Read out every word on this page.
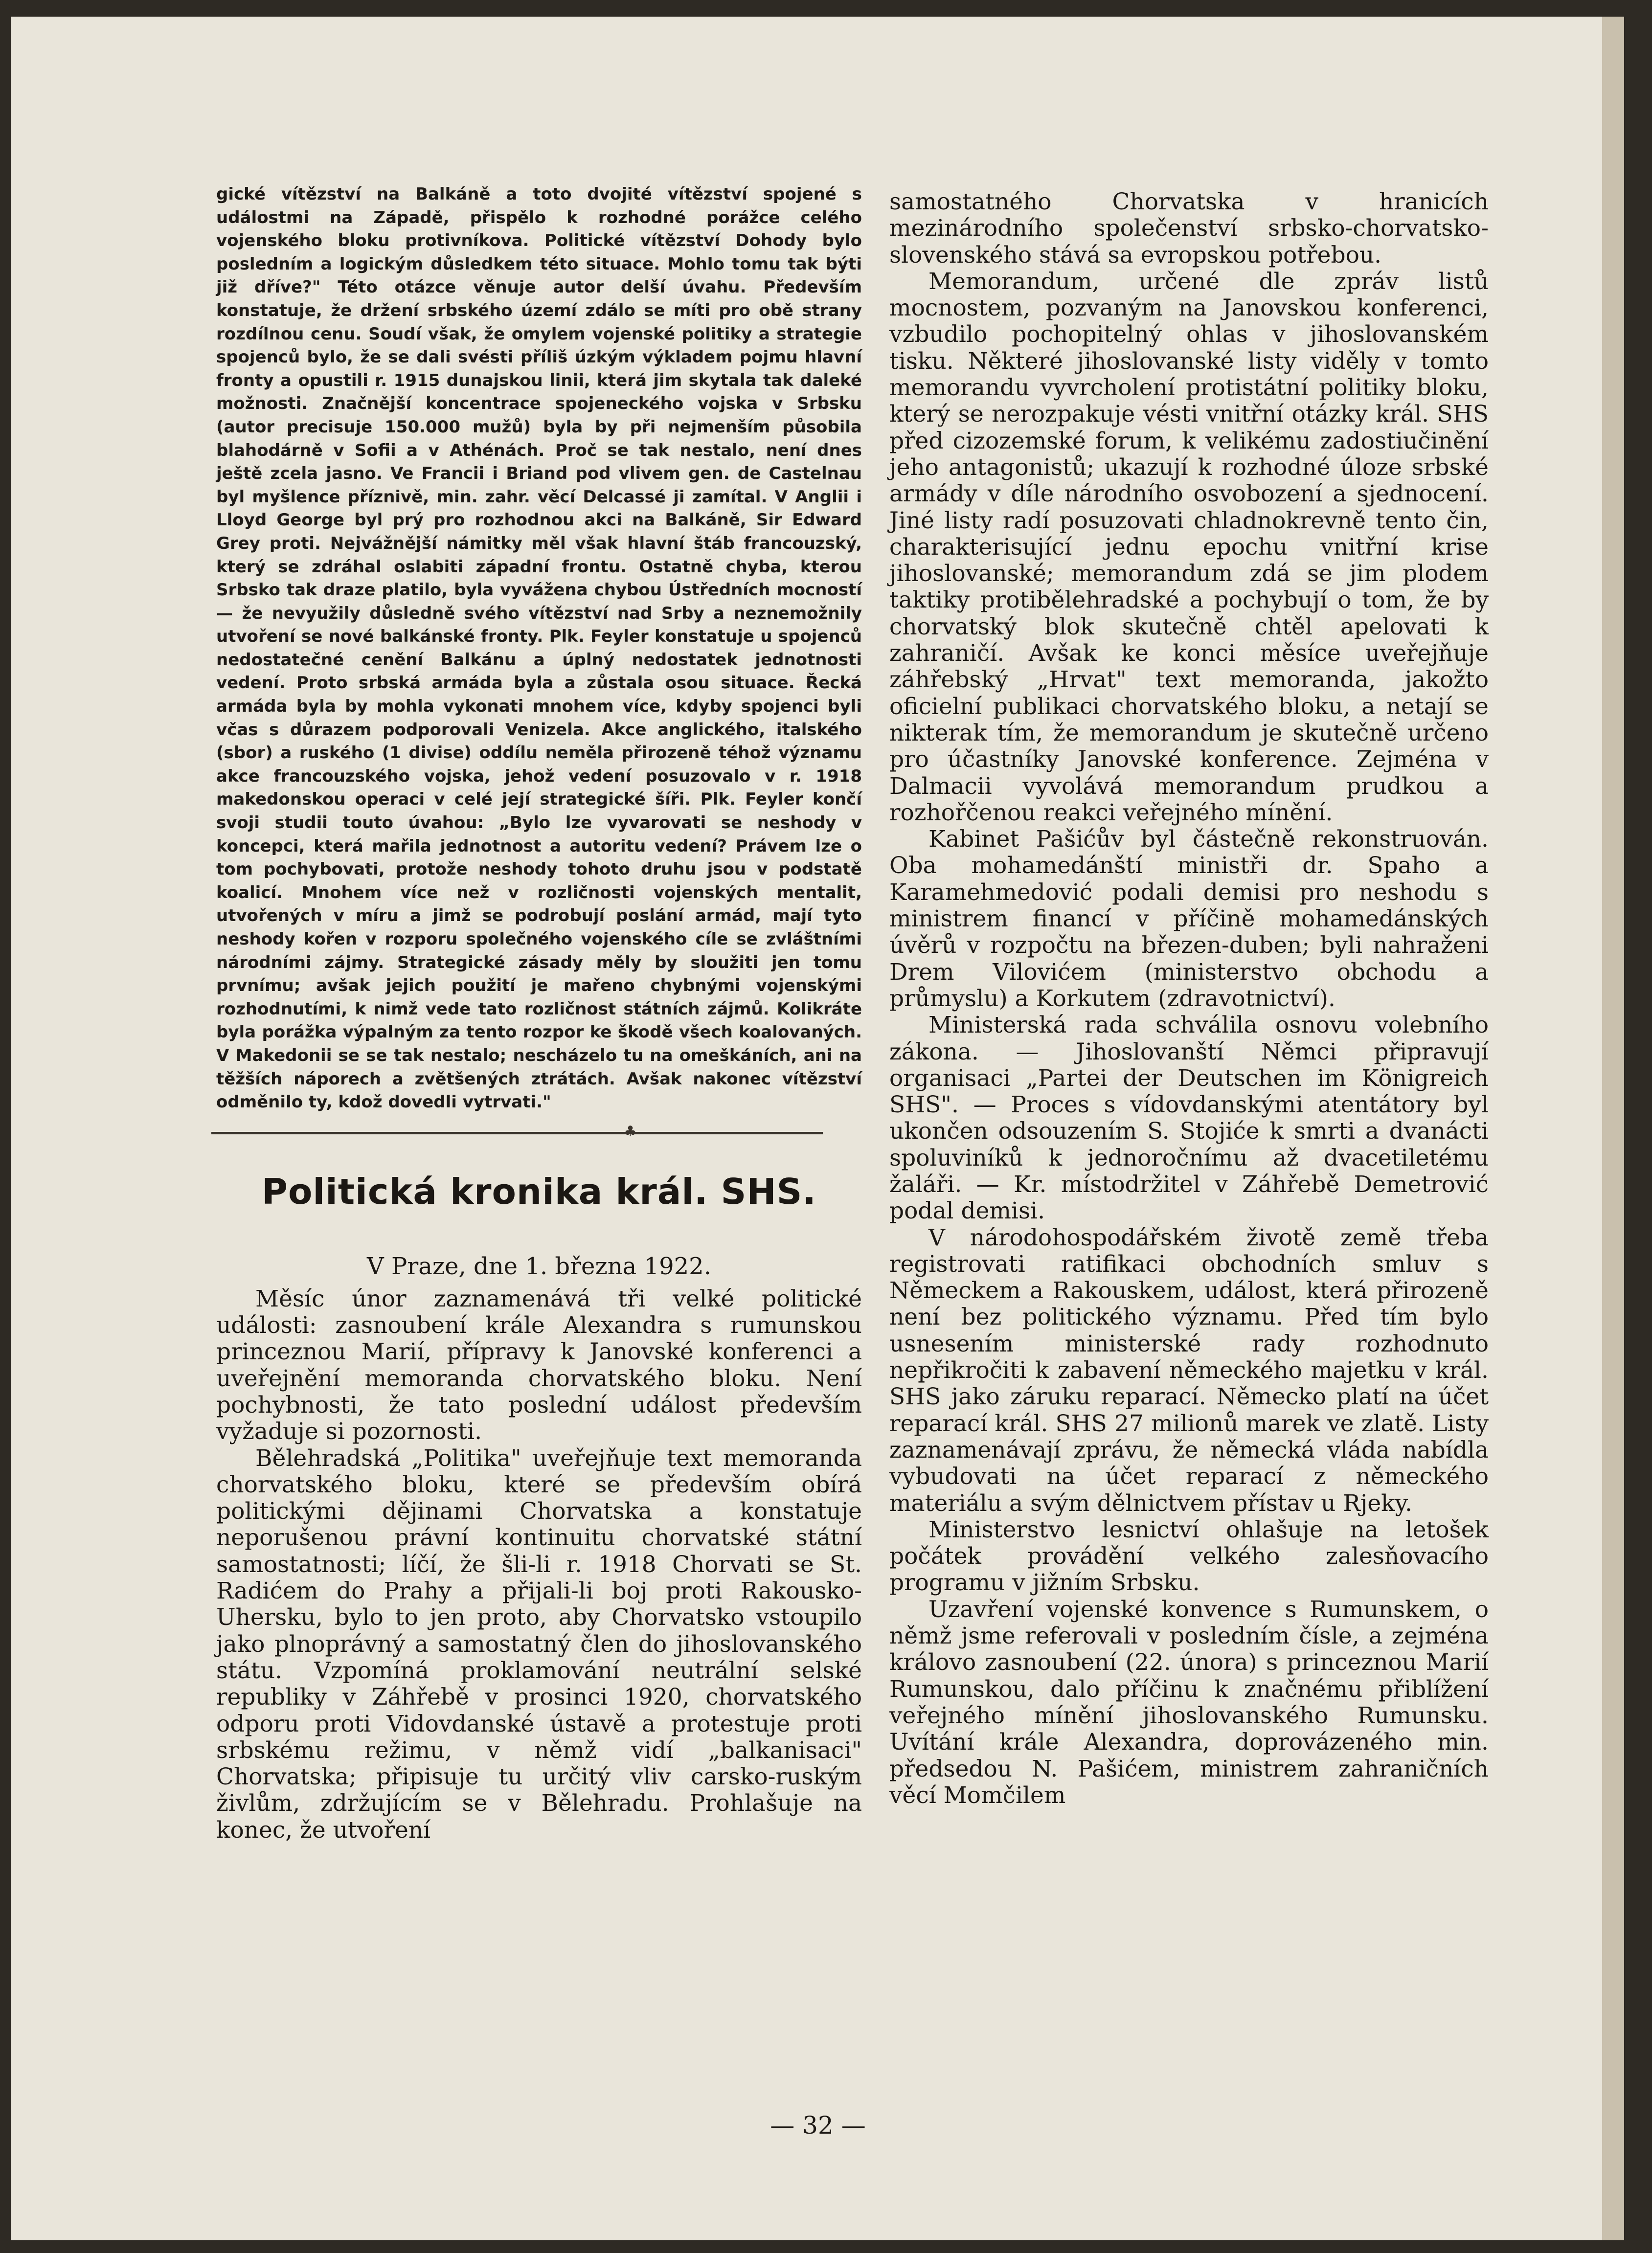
gické vítězství na Balkáně a toto dvojité vítězství spojené s událostmi na Západě, přispělo k rozhodné porážce celého vojenského bloku protivníkova. Politické vítězství Dohody bylo posledním a logickým důsledkem této situace. Mohlo tomu tak býti již dříve?" Této otázce věnuje autor delší úvahu. Především konstatuje, že držení srbského území zdálo se míti pro obě strany rozdílnou cenu. Soudí však, že omylem vojenské politiky a strategie spojenců bylo, že se dali svésti příliš úzkým výkladem pojmu hlavní fronty a opustili r. 1915 dunajskou linii, která jim skytala tak daleké možnosti. Značnější koncentrace spojeneckého vojska v Srbsku (autor precisuje 150.000 mužů) byla by při nejmenším působila blahodárně v Sofii a v Athénách. Proč se tak nestalo, není dnes ještě zcela jasno. Ve Francii i Briand pod vlivem gen. de Castelnau byl myšlence příznivě, min. zahr. věcí Delcassé ji zamítal. V Anglii i Lloyd George byl prý pro rozhodnou akci na Balkáně, Sir Edward Grey proti. Nejvážnější námitky měl však hlavní štáb francouzský, který se zdráhal oslabiti západní frontu. Ostatně chyba, kterou Srbsko tak draze platilo, byla vyvážena chybou Ústředních mocností — že nevyužily důsledně svého vítězství nad Srby a neznemožnily utvoření se nové balkánské fronty. Plk. Feyler konstatuje u spojenců nedostatečné cenění Balkánu a úplný nedostatek jednotnosti vedení. Proto srbská armáda byla a zůstala osou situace. Řecká armáda byla by mohla vykonati mnohem více, kdyby spojenci byli včas s důrazem podporovali Venizela. Akce anglického, italského (sbor) a ruského (1 divise) oddílu neměla přirozeně téhož významu akce francouzského vojska, jehož vedení posuzovalo v r. 1918 makedonskou operaci v celé její strategické šíři. Plk. Feyler končí svoji studii touto úvahou: „Bylo lze vyvarovati se neshody v koncepci, která mařila jednotnost a autoritu vedení? Právem lze o tom pochybovati, protože neshody tohoto druhu jsou v podstatě koalicí. Mnohem více než v rozličnosti vojenských mentalit, utvořených v míru a jimž se podrobují poslání armád, mají tyto neshody kořen v rozporu společného vojenského cíle se zvláštními národními zájmy. Strategické zásady měly by sloužiti jen tomu prvnímu; avšak jejich použití je mařeno chybnými vojenskými rozhodnutími, k nimž vede tato rozličnost státních zájmů. Kolikráte byla porážka výpalným za tento rozpor ke škodě všech koalovaných. V Makedonii se se tak nestalo; nescházelo tu na omeškáních, ani na těžších náporech a zvětšených ztrátách. Avšak nakonec vítězství odměnilo ty, kdož dovedli vytrvati."

♣
Politická kronika král. SHS.
V Praze, dne 1. března 1922.

Měsíc únor zaznamenává tři velké politické události: zasnoubení krále Alexandra s rumunskou princeznou Marií, přípravy k Janovské konferenci a uveřejnění memoranda chorvatského bloku. Není pochybnosti, že tato poslední událost především vyžaduje si pozornosti.

Bělehradská „Politika" uveřejňuje text memoranda chorvatského bloku, které se především obírá politickými dějinami Chorvatska a konstatuje neporušenou právní kontinuitu chorvatské státní samostatnosti; líčí, že šli-li r. 1918 Chorvati se St. Radićem do Prahy a přijali-li boj proti Rakousko-Uhersku, bylo to jen proto, aby Chorvatsko vstoupilo jako plnoprávný a samostatný člen do jihoslovanského státu. Vzpomíná proklamování neutrální selské republiky v Záhřebě v prosinci 1920, chorvatského odporu proti Vidovdanské ústavě a protestuje proti srbskému režimu, v němž vidí „balkanisaci" Chorvatska; připisuje tu určitý vliv carsko-ruským živlům, zdržujícím se v Bělehradu. Prohlašuje na konec, že utvoření

samostatného Chorvatska v hranicích mezinárodního společenství srbsko-chorvatsko-slovenského stává sa evropskou potřebou.

Memorandum, určené dle zpráv listů mocnostem, pozvaným na Janovskou konferenci, vzbudilo pochopitelný ohlas v jihoslovanském tisku. Některé jihoslovanské listy viděly v tomto memorandu vyvrcholení protistátní politiky bloku, který se nerozpakuje vésti vnitřní otázky král. SHS před cizozemské forum, k velikému zadostiučinění jeho antagonistů; ukazují k rozhodné úloze srbské armády v díle národního osvobození a sjednocení. Jiné listy radí posuzovati chladnokrevně tento čin, charakterisující jednu epochu vnitřní krise jihoslovanské; memorandum zdá se jim plodem taktiky protibělehradské a pochybují o tom, že by chorvatský blok skutečně chtěl apelovati k zahraničí. Avšak ke konci měsíce uveřejňuje záhřebský „Hrvat" text memoranda, jakožto oficielní publikaci chorvatského bloku, a netají se nikterak tím, že memorandum je skutečně určeno pro účastníky Janovské konference. Zejména v Dalmacii vyvolává memorandum prudkou a rozhořčenou reakci veřejného mínění.

Kabinet Pašićův byl částečně rekonstruován. Oba mohamedánští ministři dr. Spaho a Karamehmedović podali demisi pro neshodu s ministrem financí v příčině mohamedánských úvěrů v rozpočtu na březen-duben; byli nahraženi Drem Vilovićem (ministerstvo obchodu a průmyslu) a Korkutem (zdravotnictví).

Ministerská rada schválila osnovu volebního zákona. — Jihoslovanští Němci připravují organisaci „Partei der Deutschen im Königreich SHS". — Proces s vídovdanskými atentátory byl ukončen odsouzením S. Stojiće k smrti a dvanácti spoluviníků k jednoročnímu až dvacetiletému žaláři. — Kr. místodržitel v Záhřebě Demetrović podal demisi.

V národohospodářském životě země třeba registrovati ratifikaci obchodních smluv s Německem a Rakouskem, událost, která přirozeně není bez politického významu. Před tím bylo usnesením ministerské rady rozhodnuto nepřikročiti k zabavení německého majetku v král. SHS jako záruku reparací. Německo platí na účet reparací král. SHS 27 milionů marek ve zlatě. Listy zaznamenávají zprávu, že německá vláda nabídla vybudovati na účet reparací z německého materiálu a svým dělnictvem přístav u Rjeky.

Ministerstvo lesnictví ohlašuje na letošek počátek provádění velkého zalesňovacího programu v jižním Srbsku.

Uzavření vojenské konvence s Rumunskem, o němž jsme referovali v posledním čísle, a zejména královo zasnoubení (22. února) s princeznou Marií Rumunskou, dalo příčinu k značnému přiblížení veřejného mínění jihoslovanského Rumunsku. Uvítání krále Alexandra, doprovázeného min. předsedou N. Pašićem, ministrem zahraničních věcí Momčilem

— 32 —
